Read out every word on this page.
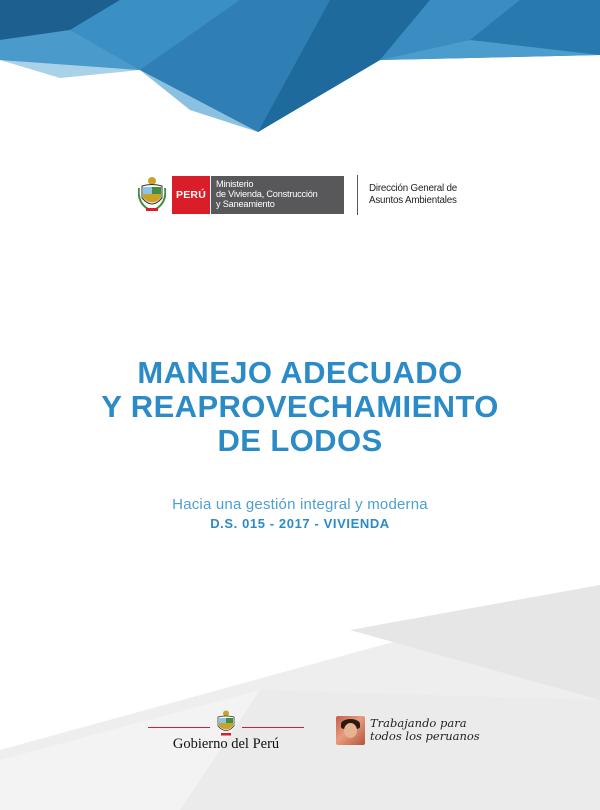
PERÚ
Ministerio
de Vivienda, Construcción
y Saneamiento
Dirección General de
Asuntos Ambientales
MANEJO ADECUADO
Y REAPROVECHAMIENTO
DE LODOS
Hacia una gestión integral y moderna
D.S. 015 - 2017 - VIVIENDA
Gobierno del Perú
Trabajando para
todos los peruanos
